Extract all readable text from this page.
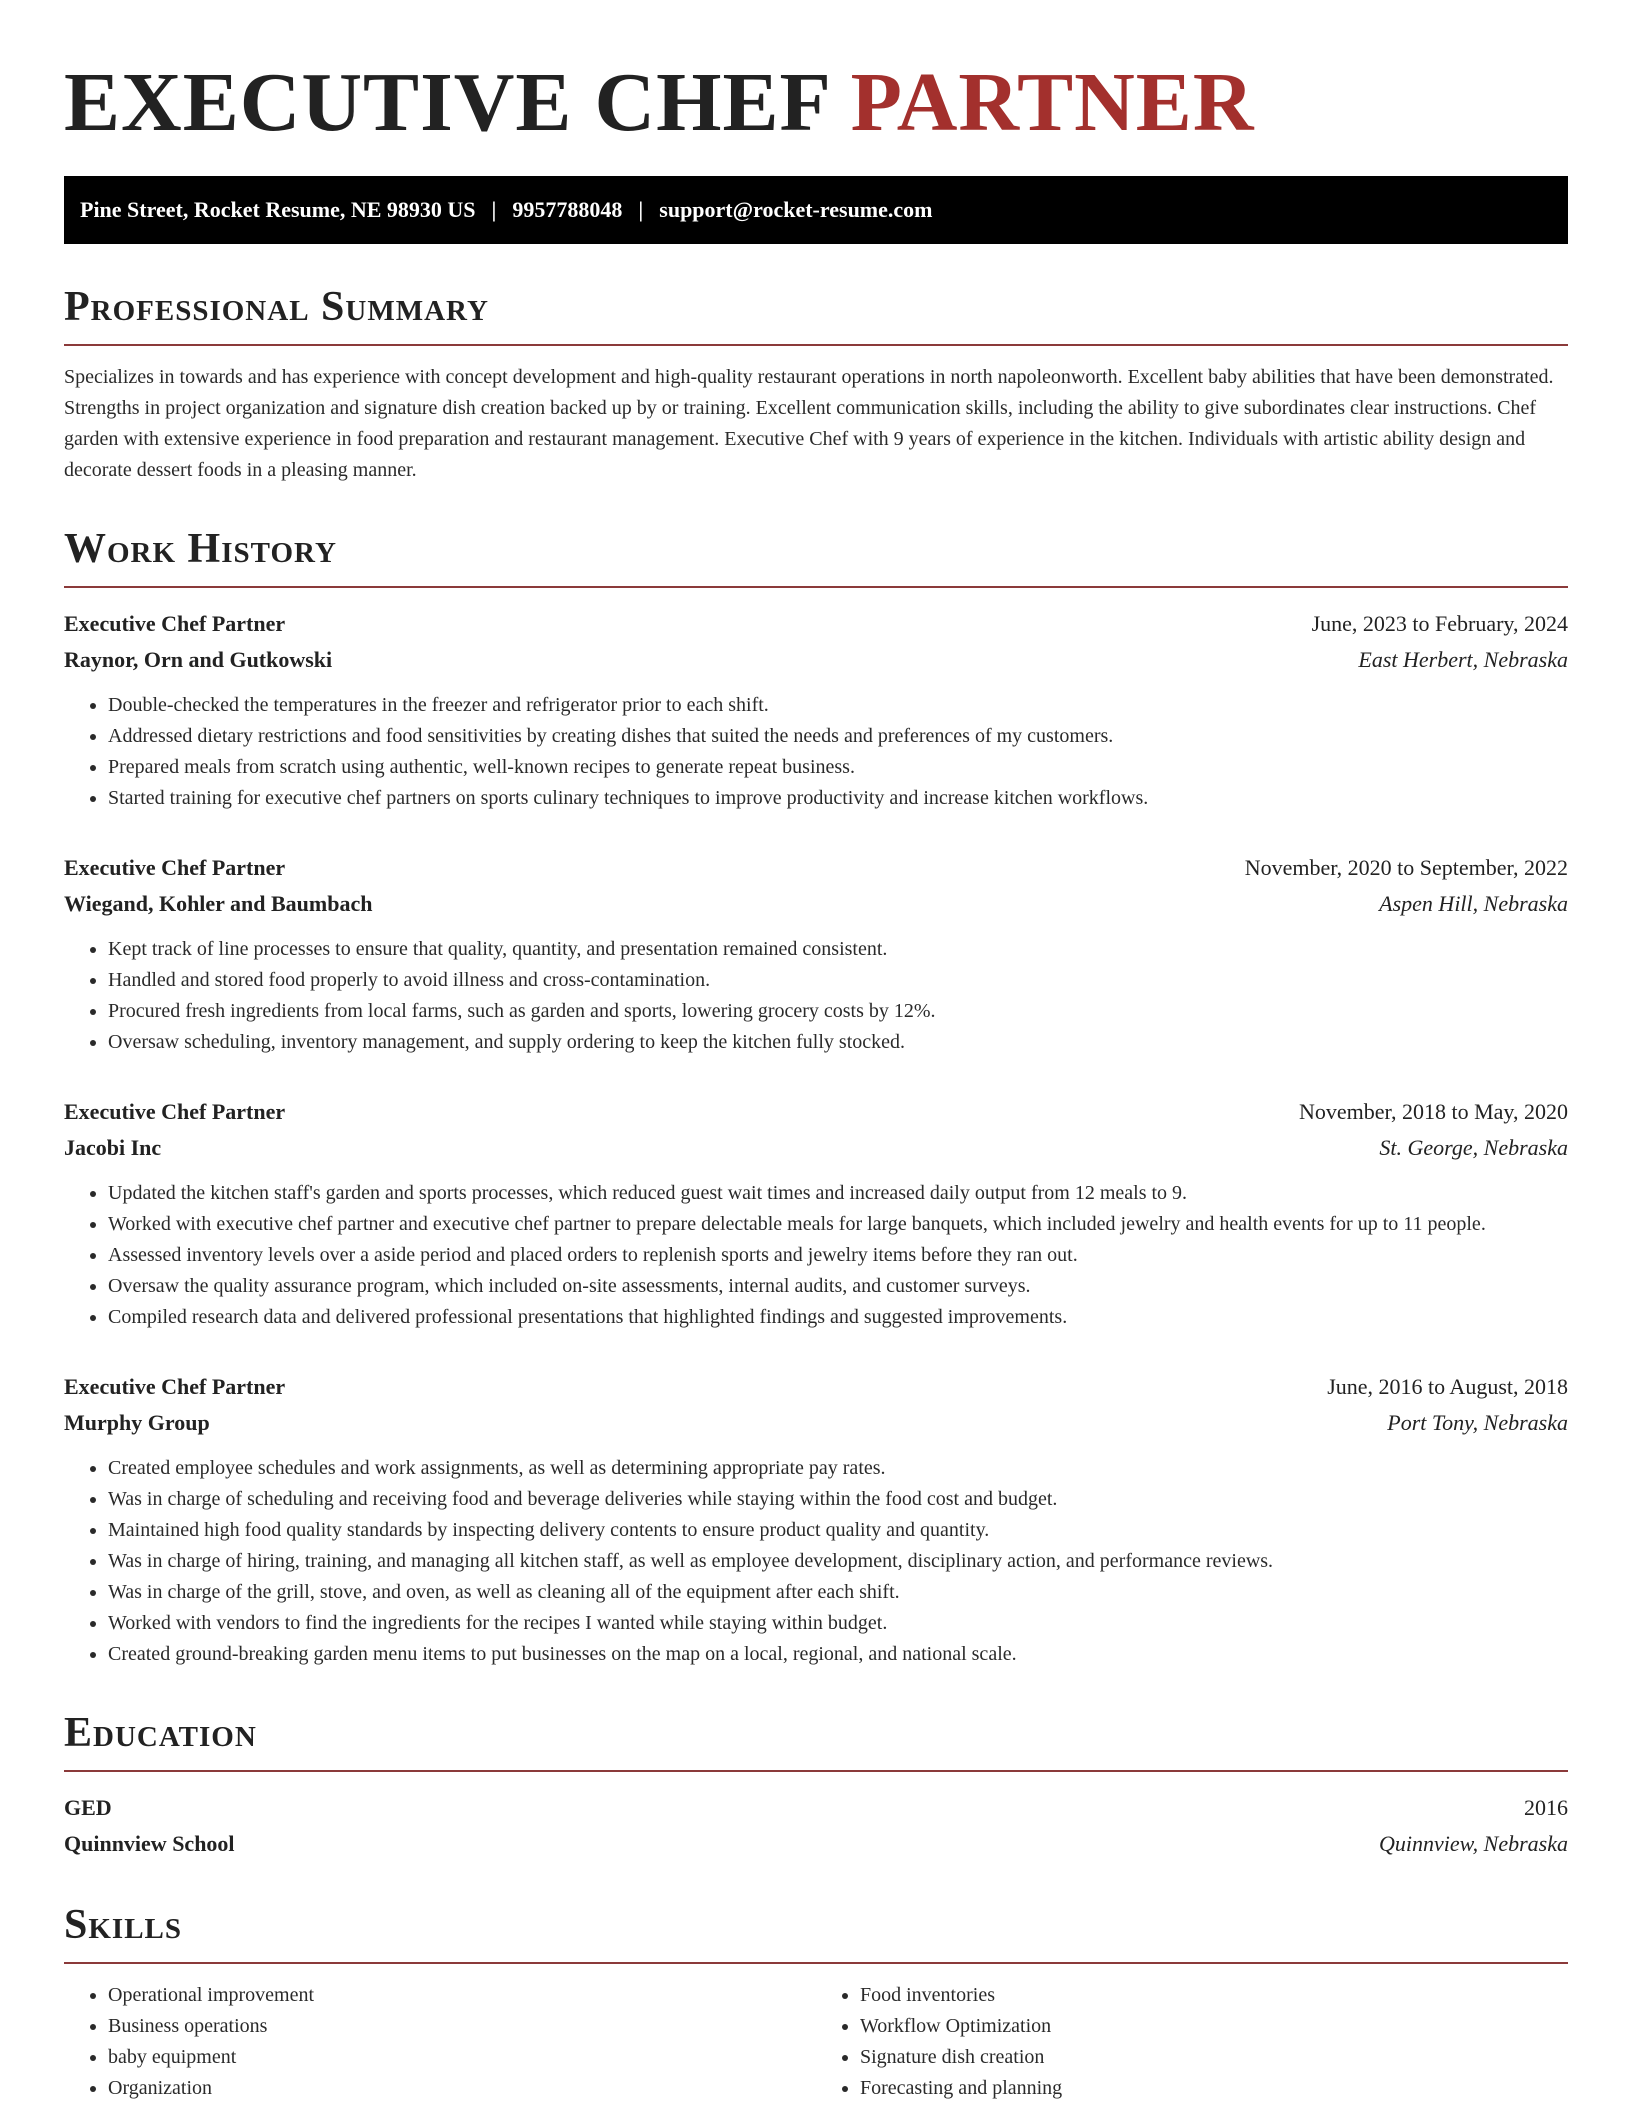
EXECUTIVE CHEF PARTNER
Pine Street, Rocket Resume, NE 98930 US | 9957788048 | support@rocket-resume.com
Professional Summary

Specializes in towards and has experience with concept development and high-quality restaurant operations in north napoleonworth. Excellent baby abilities that have been demonstrated. Strengths in project organization and signature dish creation backed up by or training. Excellent communication skills, including the ability to give subordinates clear instructions. Chef garden with extensive experience in food preparation and restaurant management. Executive Chef with 9 years of experience in the kitchen. Individuals with artistic ability design and decorate dessert foods in a pleasing manner.

Work History
Executive Chef Partner	June, 2023 to February, 2024
Raynor, Orn and Gutkowski	East Herbert, Nebraska
• Double-checked the temperatures in the freezer and refrigerator prior to each shift.
• Addressed dietary restrictions and food sensitivities by creating dishes that suited the needs and preferences of my customers.
• Prepared meals from scratch using authentic, well-known recipes to generate repeat business.
• Started training for executive chef partners on sports culinary techniques to improve productivity and increase kitchen workflows.
Executive Chef Partner	November, 2020 to September, 2022
Wiegand, Kohler and Baumbach	Aspen Hill, Nebraska
• Kept track of line processes to ensure that quality, quantity, and presentation remained consistent.
• Handled and stored food properly to avoid illness and cross-contamination.
• Procured fresh ingredients from local farms, such as garden and sports, lowering grocery costs by 12%.
• Oversaw scheduling, inventory management, and supply ordering to keep the kitchen fully stocked.
Executive Chef Partner	November, 2018 to May, 2020
Jacobi Inc	St. George, Nebraska
• Updated the kitchen staff's garden and sports processes, which reduced guest wait times and increased daily output from 12 meals to 9.
• Worked with executive chef partner and executive chef partner to prepare delectable meals for large banquets, which included jewelry and health events for up to 11 people.
• Assessed inventory levels over a aside period and placed orders to replenish sports and jewelry items before they ran out.
• Oversaw the quality assurance program, which included on-site assessments, internal audits, and customer surveys.
• Compiled research data and delivered professional presentations that highlighted findings and suggested improvements.
Executive Chef Partner	June, 2016 to August, 2018
Murphy Group	Port Tony, Nebraska
• Created employee schedules and work assignments, as well as determining appropriate pay rates.
• Was in charge of scheduling and receiving food and beverage deliveries while staying within the food cost and budget.
• Maintained high food quality standards by inspecting delivery contents to ensure product quality and quantity.
• Was in charge of hiring, training, and managing all kitchen staff, as well as employee development, disciplinary action, and performance reviews.
• Was in charge of the grill, stove, and oven, as well as cleaning all of the equipment after each shift.
• Worked with vendors to find the ingredients for the recipes I wanted while staying within budget.
• Created ground-breaking garden menu items to put businesses on the map on a local, regional, and national scale.
Education
GED	2016
Quinnview School	Quinnview, Nebraska
Skills
• Operational improvement
• Business operations
• baby equipment
• Organization
• Food inventories
• Workflow Optimization
• Signature dish creation
• Forecasting and planning
